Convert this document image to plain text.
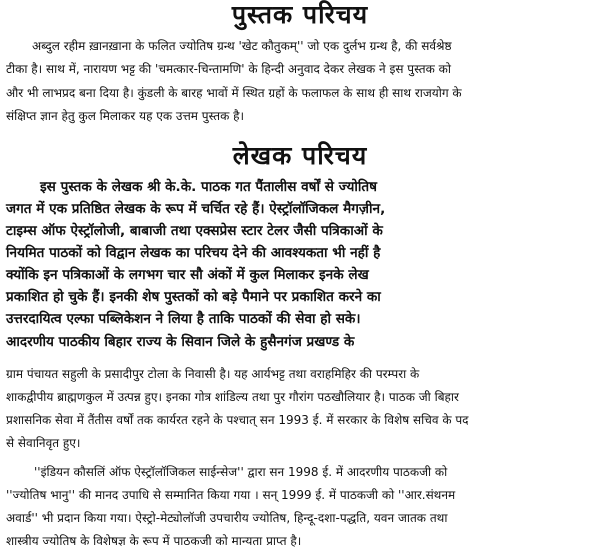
पुस्तक परिचय
अब्दुल रहीम ख़ानख़ाना के फलित ज्योतिष ग्रन्थ 'खेट कौतुकम्'' जो एक दुर्लभ ग्रन्थ है, की सर्वश्रेष्ठ
टीका है। साथ में, नारायण भट्ट की 'चमत्कार-चिन्तामणि' के हिन्दी अनुवाद देकर लेखक ने इस पुस्तक को
और भी लाभप्रद बना दिया है। कुंडली के बारह भावों में स्थित ग्रहों के फलाफल के साथ ही साथ राजयोग के
संक्षिप्त ज्ञान हेतु कुल मिलाकर यह एक उत्तम पुस्तक है।
लेखक परिचय
इस पुस्तक के लेखक श्री के.के. पाठक गत पैंतालीस वर्षों से ज्योतिष
जगत में एक प्रतिष्ठित लेखक के रूप में चर्चित रहे हैं। ऐस्ट्रॉलॉजिकल मैगज़ीन,
टाइम्स ऑफ ऐस्ट्रॉलोजी, बाबाजी तथा एक्सप्रेस स्टार टेलर जैसी पत्रिकाओं के
नियमित पाठकों को विद्वान लेखक का परिचय देने की आवश्यकता भी नहीं है
क्योंकि इन पत्रिकाओं के लगभग चार सौ अंकों में कुल मिलाकर इनके लेख
प्रकाशित हो चुके हैं। इनकी शेष पुस्तकों को बड़े पैमाने पर प्रकाशित करने का
उत्तरदायित्व एल्फा पब्लिकेशन ने लिया है ताकि पाठकों की सेवा हो सके।
आदरणीय पाठकीय बिहार राज्य के सिवान जिले के हुसैनगंज प्रखण्ड के
ग्राम पंचायत सहुली के प्रसादीपुर टोला के निवासी है। यह आर्यभट्ट तथा वराहमिहिर की परम्परा के
शाकद्वीपीय ब्राह्मणकुल में उत्पन्न हुए। इनका गोत्र शांडिल्य तथा पुर गौरांग पठखौलियार है। पाठक जी बिहार
प्रशासनिक सेवा में तैंतीस वर्षों तक कार्यरत रहने के पश्चात् सन 1993 ई. में सरकार के विशेष सचिव के पद
से सेवानिवृत हुए।
''इंडियन कौसलिं ऑफ ऐस्ट्रॉलॉजिकल साईन्सेज'' द्वारा सन 1998 ई. में आदरणीय पाठकजी को
''ज्योतिष भानु'' की मानद उपाधि से सम्मानित किया गया । सन् 1999 ई. में पाठकजी को ''आर.संथनम
अवार्ड'' भी प्रदान किया गया। ऐस्ट्रो-मेट्योलॉजी उपचारीय ज्योतिष, हिन्दू-दशा-पद्धति, यवन जातक तथा
शास्त्रीय ज्योतिष के विशेषज्ञ के रूप में पाठकजी को मान्यता प्राप्त है।
